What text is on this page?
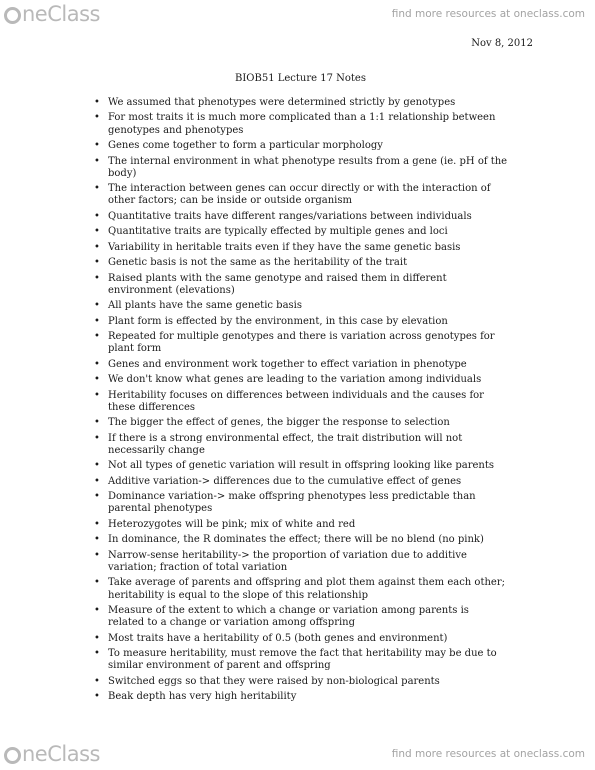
neClass	find more resources at oneclass.com
Nov 8, 2012
BIOB51 Lecture 17 Notes
• We assumed that phenotypes were determined strictly by genotypes
• For most traits it is much more complicated than a 1:1 relationship between genotypes and phenotypes
• Genes come together to form a particular morphology
• The internal environment in what phenotype results from a gene (ie. pH of the body)
• The interaction between genes can occur directly or with the interaction of other factors; can be inside or outside organism
• Quantitative traits have different ranges/variations between individuals
• Quantitative traits are typically effected by multiple genes and loci
• Variability in heritable traits even if they have the same genetic basis
• Genetic basis is not the same as the heritability of the trait
• Raised plants with the same genotype and raised them in different environment (elevations)
• All plants have the same genetic basis
• Plant form is effected by the environment, in this case by elevation
• Repeated for multiple genotypes and there is variation across genotypes for plant form
• Genes and environment work together to effect variation in phenotype
• We don't know what genes are leading to the variation among individuals
• Heritability focuses on differences between individuals and the causes for these differences
• The bigger the effect of genes, the bigger the response to selection
• If there is a strong environmental effect, the trait distribution will not necessarily change
• Not all types of genetic variation will result in offspring looking like parents
• Additive variation-> differences due to the cumulative effect of genes
• Dominance variation-> make offspring phenotypes less predictable than parental phenotypes
• Heterozygotes will be pink; mix of white and red
• In dominance, the R dominates the effect; there will be no blend (no pink)
• Narrow-sense heritability-> the proportion of variation due to additive variation; fraction of total variation
• Take average of parents and offspring and plot them against them each other; heritability is equal to the slope of this relationship
• Measure of the extent to which a change or variation among parents is related to a change or variation among offspring
• Most traits have a heritability of 0.5 (both genes and environment)
• To measure heritability, must remove the fact that heritability may be due to similar environment of parent and offspring
• Switched eggs so that they were raised by non-biological parents
• Beak depth has very high heritability
neClass	find more resources at oneclass.com
